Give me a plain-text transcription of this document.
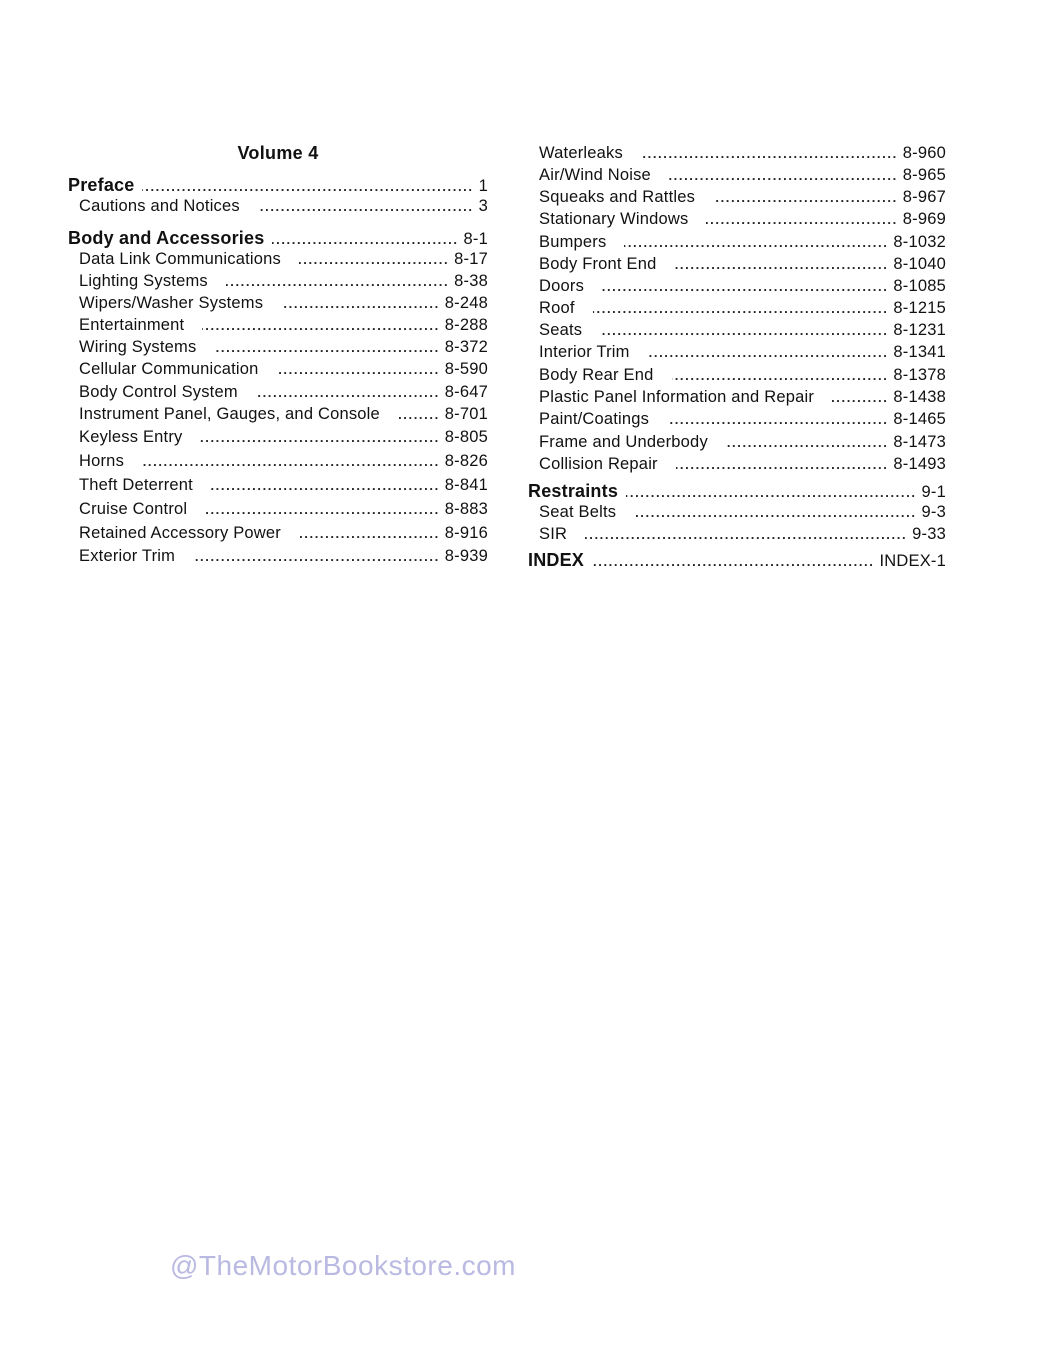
Volume 4
Preface .....	1
Cautions and Notices .....	3
Body and Accessories .....	8-1
Data Link Communications .....	8-17
Lighting Systems .....	8-38
Wipers/Washer Systems .....	8-248
Entertainment .....	8-288
Wiring Systems .....	8-372
Cellular Communication .....	8-590
Body Control System .....	8-647
Instrument Panel, Gauges, and Console .....	8-701
Keyless Entry .....	8-805
Horns .....	8-826
Theft Deterrent .....	8-841
Cruise Control .....	8-883
Retained Accessory Power .....	8-916
Exterior Trim .....	8-939
Waterleaks .....	8-960
Air/Wind Noise .....	8-965
Squeaks and Rattles .....	8-967
Stationary Windows .....	8-969
Bumpers .....	8-1032
Body Front End .....	8-1040
Doors .....	8-1085
Roof .....	8-1215
Seats .....	8-1231
Interior Trim .....	8-1341
Body Rear End .....	8-1378
Plastic Panel Information and Repair .....	8-1438
Paint/Coatings .....	8-1465
Frame and Underbody .....	8-1473
Collision Repair .....	8-1493
Restraints .....	9-1
Seat Belts .....	9-3
SIR .....	9-33
INDEX .....	INDEX-1
@TheMotorBookstore.com
